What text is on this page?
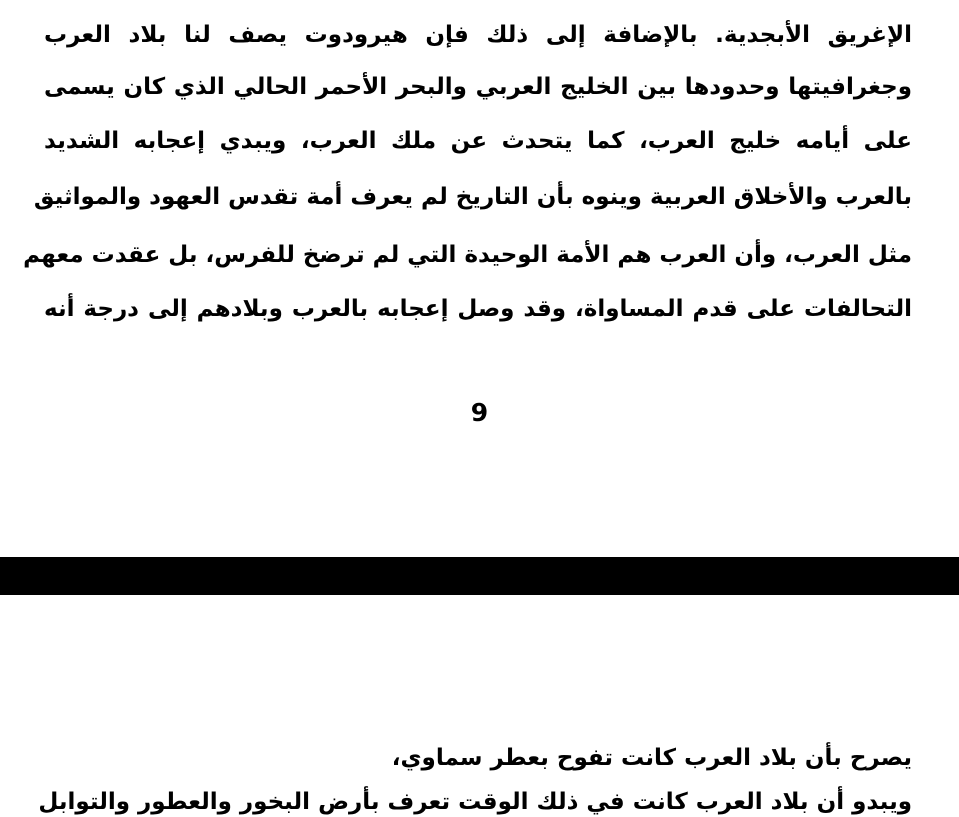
الإغريق الأبجدية. بالإضافة إلى ذلك فإن هيرودوت يصف لنا بلاد العرب
وجغرافيتها وحدودها بين الخليج العربي والبحر الأحمر الحالي الذي كان يسمى
على أيامه خليج العرب، كما يتحدث عن ملك العرب، ويبدي إعجابه الشديد
بالعرب والأخلاق العربية وينوه بأن التاريخ لم يعرف أمة تقدس العهود والمواثيق
مثل العرب، وأن العرب هم الأمة الوحيدة التي لم ترضخ للفرس، بل عقدت معهم
التحالفات على قدم المساواة، وقد وصل إعجابه بالعرب وبلادهم إلى درجة أنه
9
يصرح بأن بلاد العرب كانت تفوح بعطر سماوي،
ويبدو أن بلاد العرب كانت في ذلك الوقت تعرف بأرض البخور والعطور والتوابل
